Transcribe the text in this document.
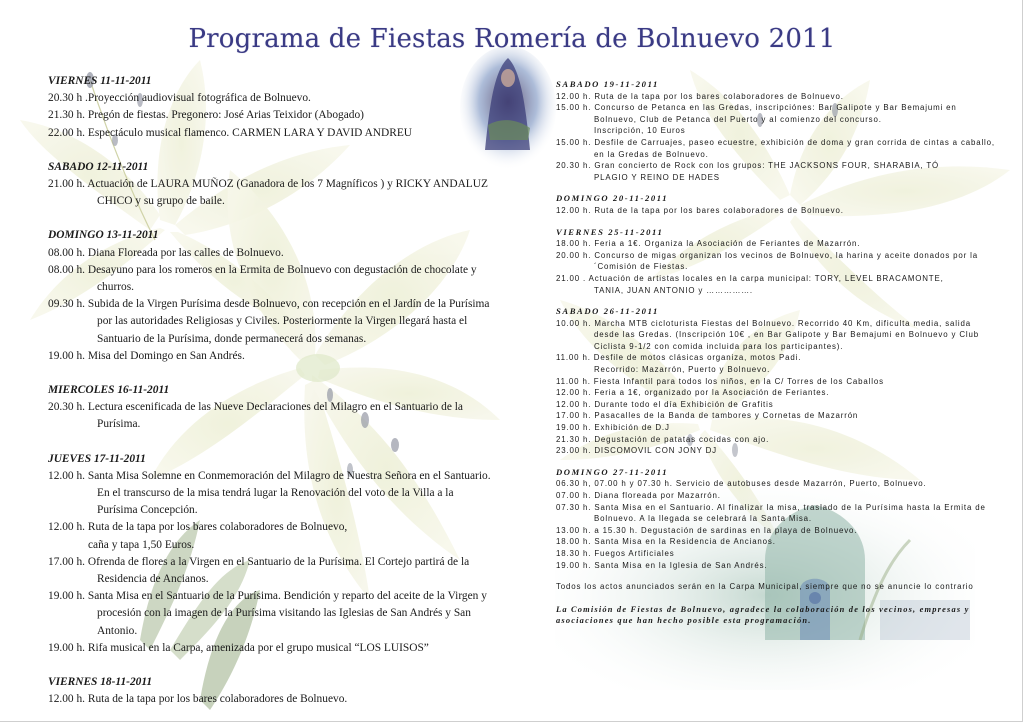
Programa de Fiestas Romería de Bolnuevo 2011

VIERNES 11-11-2011

20.30 h .Proyección audiovisual fotográfica de Bolnuevo.

21.30 h. Pregón de fiestas. Pregonero: José Arias Teixidor (Abogado)

22.00 h. Espectáculo musical flamenco. CARMEN LARA Y DAVID ANDREU

SABADO 12-11-2011

21.00 h. Actuación de LAURA MUÑOZ (Ganadora de los 7 Magníficos ) y RICKY ANDALUZ

CHICO y su grupo de baile.

DOMINGO 13-11-2011

08.00 h. Diana Floreada por las calles de Bolnuevo.

08.00 h. Desayuno para los romeros en la Ermita de Bolnuevo con degustación de chocolate y

churros.

09.30 h. Subida de la Virgen Purísima desde Bolnuevo, con recepción en el Jardín de la Purísima

por las autoridades Religiosas y Civiles. Posteriormente la Virgen llegará hasta el

Santuario de la Purísima, donde permanecerá dos semanas.

19.00 h. Misa del Domingo en San Andrés.

MIERCOLES 16-11-2011

20.30 h. Lectura escenificada de las Nueve Declaraciones del Milagro en el Santuario de la

Purísima.

JUEVES 17-11-2011

12.00 h. Santa Misa Solemne en Conmemoración del Milagro de Nuestra Señora en el Santuario.

En el transcurso de la misa tendrá lugar la Renovación del voto de la Villa a la

Purísima Concepción.

12.00 h. Ruta de la tapa por los bares colaboradores de Bolnuevo,

caña y tapa 1,50 Euros.

17.00 h. Ofrenda de flores a la Virgen en el Santuario de la Purísima. El Cortejo partirá de la

Residencia de Ancianos.

19.00 h. Santa Misa en el Santuario de la Purísima. Bendición y reparto del aceite de la Virgen y

procesión con la imagen de la Purísima visitando las Iglesias de San Andrés y San

Antonio.

19.00 h. Rifa musical en la Carpa, amenizada por el grupo musical “LOS LUISOS”

VIERNES 18-11-2011

12.00 h. Ruta de la tapa por los bares colaboradores de Bolnuevo.

SABADO 19-11-2011

12.00 h. Ruta de la tapa por los bares colaboradores de Bolnuevo.

15.00 h. Concurso de Petanca en las Gredas, inscripciónes: Bar Galipote y Bar Bemajumi en

Bolnuevo, Club de Petanca del Puerto y al comienzo del concurso.

Inscripción, 10 Euros

15.00 h. Desfile de Carruajes, paseo ecuestre, exhibición de doma y gran corrida de cintas a caballo,

en la Gredas de Bolnuevo.

20.30 h. Gran concierto de Rock con los grupos: THE JACKSONS FOUR, SHARABIA, TÓ

PLAGIO Y REINO DE HADES

DOMINGO 20-11-2011

12.00 h. Ruta de la tapa por los bares colaboradores de Bolnuevo.

VIERNES 25-11-2011

18.00 h. Feria a 1€. Organiza la Asociación de Feriantes de Mazarrón.

20.00 h. Concurso de migas organizan los vecinos de Bolnuevo, la harina y aceite donados por la

´Comisión de Fiestas.

21.00 . Actuación de artistas locales en la carpa municipal: TORY, LEVEL BRACAMONTE,

TANIA, JUAN ANTONIO y …………….

SABADO 26-11-2011

10.00 h. Marcha MTB cicloturista Fiestas del Bolnuevo. Recorrido 40 Km, dificulta media, salida

desde las Gredas. (Inscripción 10€ , en Bar Galipote y Bar Bemajumi en Bolnuevo y Club

Ciclista 9-1/2 con comida incluida para los participantes).

11.00 h. Desfile de motos clásicas organiza, motos Padi.

Recorrido: Mazarrón, Puerto y Bolnuevo.

11.00 h. Fiesta Infantil para todos los niños, en la C/ Torres de los Caballos

12.00 h. Feria a 1€, organizado por la Asociación de Feriantes.

12.00 h. Durante todo el día Exhibición de Grafitis

17.00 h. Pasacalles de la Banda de tambores y Cornetas de Mazarrón

19.00 h. Exhibición de D.J

21.30 h. Degustación de patatas cocidas con ajo.

23.00 h. DISCOMOVIL CON JONY DJ

DOMINGO 27-11-2011

06.30 h, 07.00 h y 07.30 h. Servicio de autobuses desde Mazarrón, Puerto, Bolnuevo.

07.00 h. Diana floreada por Mazarrón.

07.30 h. Santa Misa en el Santuario. Al finalizar la misa, traslado de la Purísima hasta la Ermita de

Bolnuevo. A la llegada se celebrará la Santa Misa.

13.00 h. a 15.30 h. Degustación de sardinas en la playa de Bolnuevo.

18.00 h. Santa Misa en la Residencia de Ancianos.

18.30 h. Fuegos Artificiales

19.00 h. Santa Misa en la Iglesia de San Andrés.

Todos los actos anunciados serán en la Carpa Municipal, siempre que no se anuncie lo contrario

La Comisión de Fiestas de Bolnuevo, agradece la colaboración de los vecinos, empresas y asociaciones que han hecho posible esta programación.
